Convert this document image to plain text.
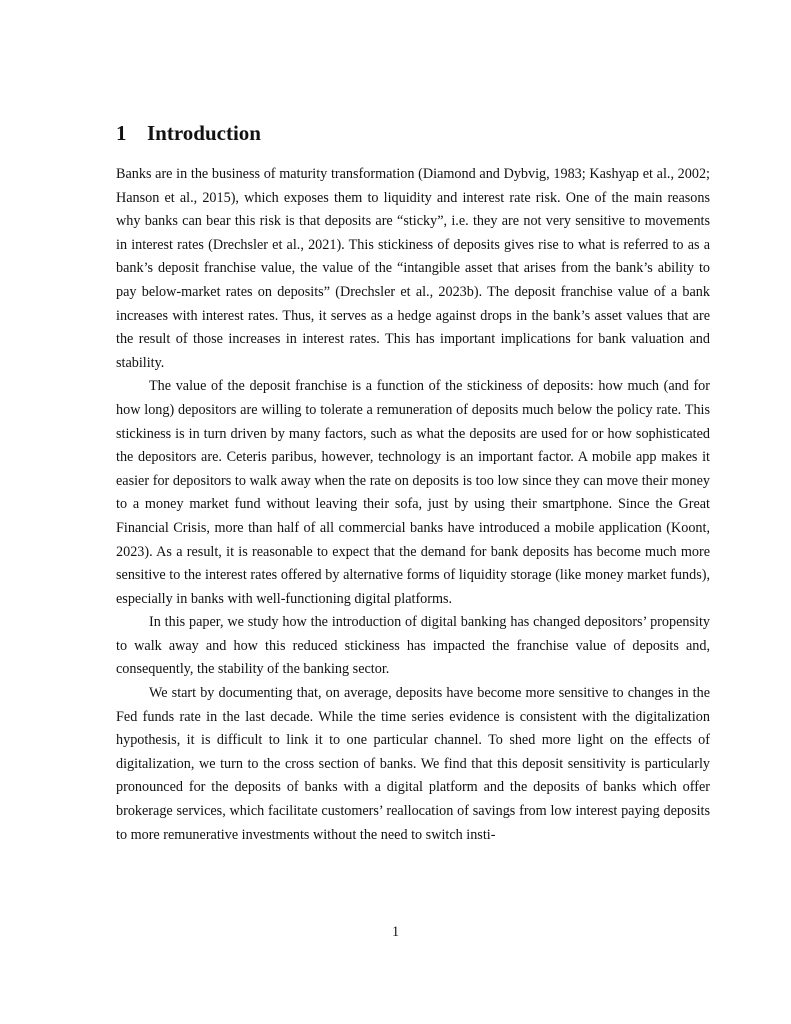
1 Introduction

Banks are in the business of maturity transformation (Diamond and Dybvig, 1983; Kashyap et al., 2002; Hanson et al., 2015), which exposes them to liquidity and interest rate risk. One of the main reasons why banks can bear this risk is that deposits are “sticky”, i.e. they are not very sensitive to movements in interest rates (Drechsler et al., 2021). This stickiness of deposits gives rise to what is referred to as a bank’s deposit franchise value, the value of the “intangible asset that arises from the bank’s ability to pay below-market rates on deposits” (Drechsler et al., 2023b). The deposit franchise value of a bank increases with interest rates. Thus, it serves as a hedge against drops in the bank’s asset values that are the result of those increases in interest rates. This has important implications for bank valuation and stability.

The value of the deposit franchise is a function of the stickiness of deposits: how much (and for how long) depositors are willing to tolerate a remuneration of deposits much below the policy rate. This stickiness is in turn driven by many factors, such as what the deposits are used for or how sophisticated the depositors are. Ceteris paribus, however, technology is an important factor. A mobile app makes it easier for depositors to walk away when the rate on deposits is too low since they can move their money to a money market fund without leaving their sofa, just by using their smartphone. Since the Great Financial Crisis, more than half of all commercial banks have introduced a mobile application (Koont, 2023). As a result, it is reasonable to expect that the demand for bank deposits has become much more sensitive to the interest rates offered by alternative forms of liquidity storage (like money market funds), especially in banks with well-functioning digital platforms.

In this paper, we study how the introduction of digital banking has changed depositors’ propensity to walk away and how this reduced stickiness has impacted the franchise value of deposits and, consequently, the stability of the banking sector.

We start by documenting that, on average, deposits have become more sensitive to changes in the Fed funds rate in the last decade. While the time series evidence is consistent with the digitalization hypothesis, it is difficult to link it to one particular channel. To shed more light on the effects of digitalization, we turn to the cross section of banks. We find that this deposit sensitivity is particularly pronounced for the deposits of banks with a digital platform and the deposits of banks which offer brokerage services, which facilitate customers’ reallocation of savings from low interest paying deposits to more remunerative investments without the need to switch insti-

1
